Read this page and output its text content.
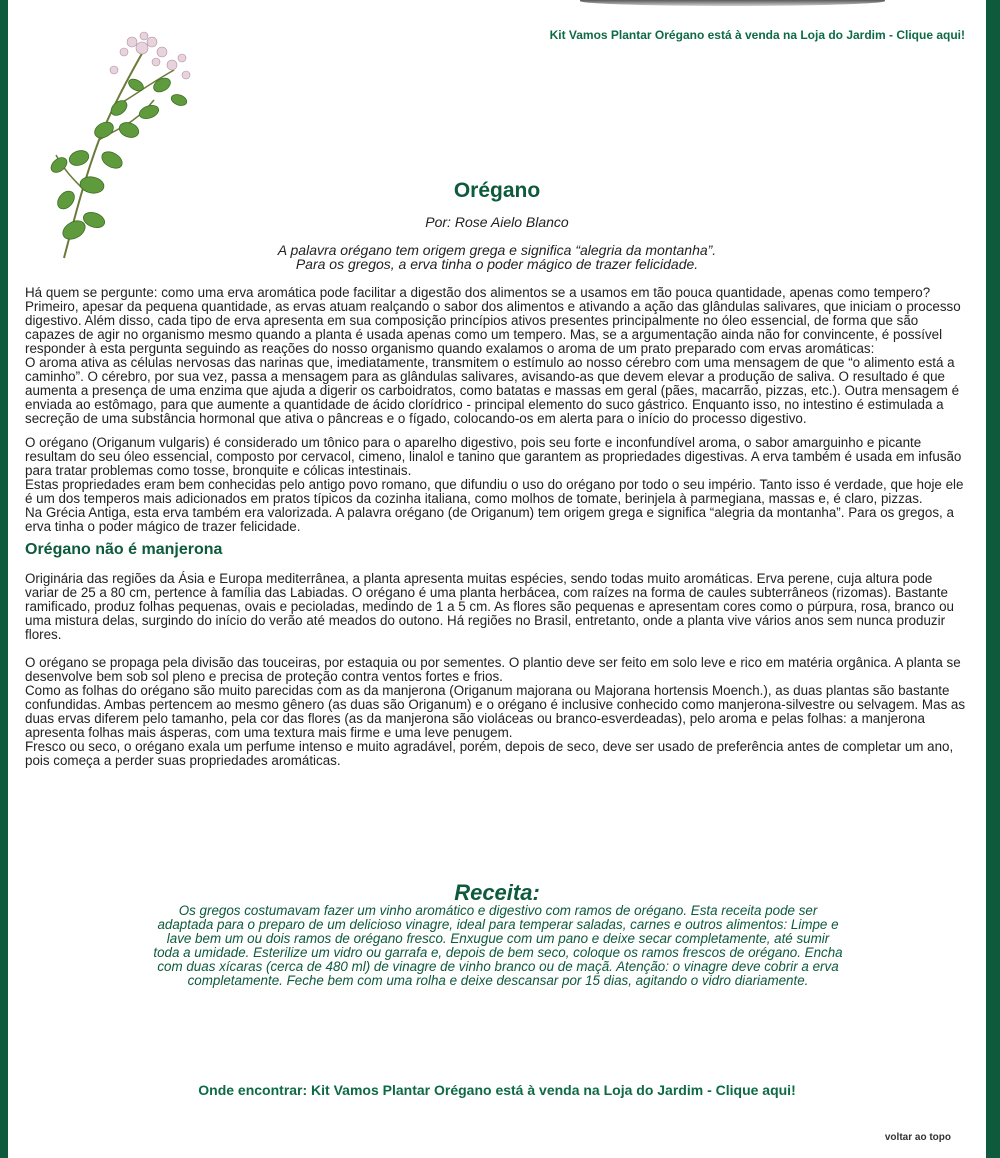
Kit Vamos Plantar Orégano está à venda na Loja do Jardim - Clique aqui!
Orégano
Por: Rose Aielo Blanco
A palavra orégano tem origem grega e significa “alegria da montanha”.
Para os gregos, a erva tinha o poder mágico de trazer felicidade.
Há quem se pergunte: como uma erva aromática pode facilitar a digestão dos alimentos se a usamos em tão pouca quantidade, apenas como tempero?
Primeiro, apesar da pequena quantidade, as ervas atuam realçando o sabor dos alimentos e ativando a ação das glândulas salivares, que iniciam o processo digestivo. Além disso, cada tipo de erva apresenta em sua composição princípios ativos presentes principalmente no óleo essencial, de forma que são capazes de agir no organismo mesmo quando a planta é usada apenas como um tempero. Mas, se a argumentação ainda não for convincente, é possível responder à esta pergunta seguindo as reações do nosso organismo quando exalamos o aroma de um prato preparado com ervas aromáticas:
O aroma ativa as células nervosas das narinas que, imediatamente, transmitem o estímulo ao nosso cérebro com uma mensagem de que “o alimento está a caminho”. O cérebro, por sua vez, passa a mensagem para as glândulas salivares, avisando-as que devem elevar a produção de saliva. O resultado é que aumenta a presença de uma enzima que ajuda a digerir os carboidratos, como batatas e massas em geral (pães, macarrão, pizzas, etc.). Outra mensagem é enviada ao estômago, para que aumente a quantidade de ácido clorídrico - principal elemento do suco gástrico. Enquanto isso, no intestino é estimulada a secreção de uma substância hormonal que ativa o pâncreas e o fígado, colocando-os em alerta para o início do processo digestivo.
O orégano (Origanum vulgaris) é considerado um tônico para o aparelho digestivo, pois seu forte e inconfundível aroma, o sabor amarguinho e picante resultam do seu óleo essencial, composto por cervacol, cimeno, linalol e tanino que garantem as propriedades digestivas. A erva também é usada em infusão para tratar problemas como tosse, bronquite e cólicas intestinais.
Estas propriedades eram bem conhecidas pelo antigo povo romano, que difundiu o uso do orégano por todo o seu império. Tanto isso é verdade, que hoje ele é um dos temperos mais adicionados em pratos típicos da cozinha italiana, como molhos de tomate, berinjela à parmegiana, massas e, é claro, pizzas.
Na Grécia Antiga, esta erva também era valorizada. A palavra orégano (de Origanum) tem origem grega e significa “alegria da montanha”. Para os gregos, a erva tinha o poder mágico de trazer felicidade.
Orégano não é manjerona
Originária das regiões da Ásia e Europa mediterrânea, a planta apresenta muitas espécies, sendo todas muito aromáticas. Erva perene, cuja altura pode variar de 25 a 80 cm, pertence à família das Labiadas. O orégano é uma planta herbácea, com raízes na forma de caules subterrâneos (rizomas). Bastante ramificado, produz folhas pequenas, ovais e pecioladas, medindo de 1 a 5 cm. As flores são pequenas e apresentam cores como o púrpura, rosa, branco ou uma mistura delas, surgindo do início do verão até meados do outono. Há regiões no Brasil, entretanto, onde a planta vive vários anos sem nunca produzir flores.
O orégano se propaga pela divisão das touceiras, por estaquia ou por sementes. O plantio deve ser feito em solo leve e rico em matéria orgânica. A planta se desenvolve bem sob sol pleno e precisa de proteção contra ventos fortes e frios.
Como as folhas do orégano são muito parecidas com as da manjerona (Origanum majorana ou Majorana hortensis Moench.), as duas plantas são bastante confundidas. Ambas pertencem ao mesmo gênero (as duas são Origanum) e o orégano é inclusive conhecido como manjerona-silvestre ou selvagem. Mas as duas ervas diferem pelo tamanho, pela cor das flores (as da manjerona são violáceas ou branco-esverdeadas), pelo aroma e pelas folhas: a manjerona apresenta folhas mais ásperas, com uma textura mais firme e uma leve penugem.
Fresco ou seco, o orégano exala um perfume intenso e muito agradável, porém, depois de seco, deve ser usado de preferência antes de completar um ano, pois começa a perder suas propriedades aromáticas.
Receita:
Os gregos costumavam fazer um vinho aromático e digestivo com ramos de orégano. Esta receita pode ser adaptada para o preparo de um delicioso vinagre, ideal para temperar saladas, carnes e outros alimentos: Limpe e lave bem um ou dois ramos de orégano fresco. Enxugue com um pano e deixe secar completamente, até sumir toda a umidade. Esterilize um vidro ou garrafa e, depois de bem seco, coloque os ramos frescos de orégano. Encha com duas xícaras (cerca de 480 ml) de vinagre de vinho branco ou de maçã. Atenção: o vinagre deve cobrir a erva completamente. Feche bem com uma rolha e deixe descansar por 15 dias, agitando o vidro diariamente.
Onde encontrar: Kit Vamos Plantar Orégano está à venda na Loja do Jardim - Clique aqui!
voltar ao topo
